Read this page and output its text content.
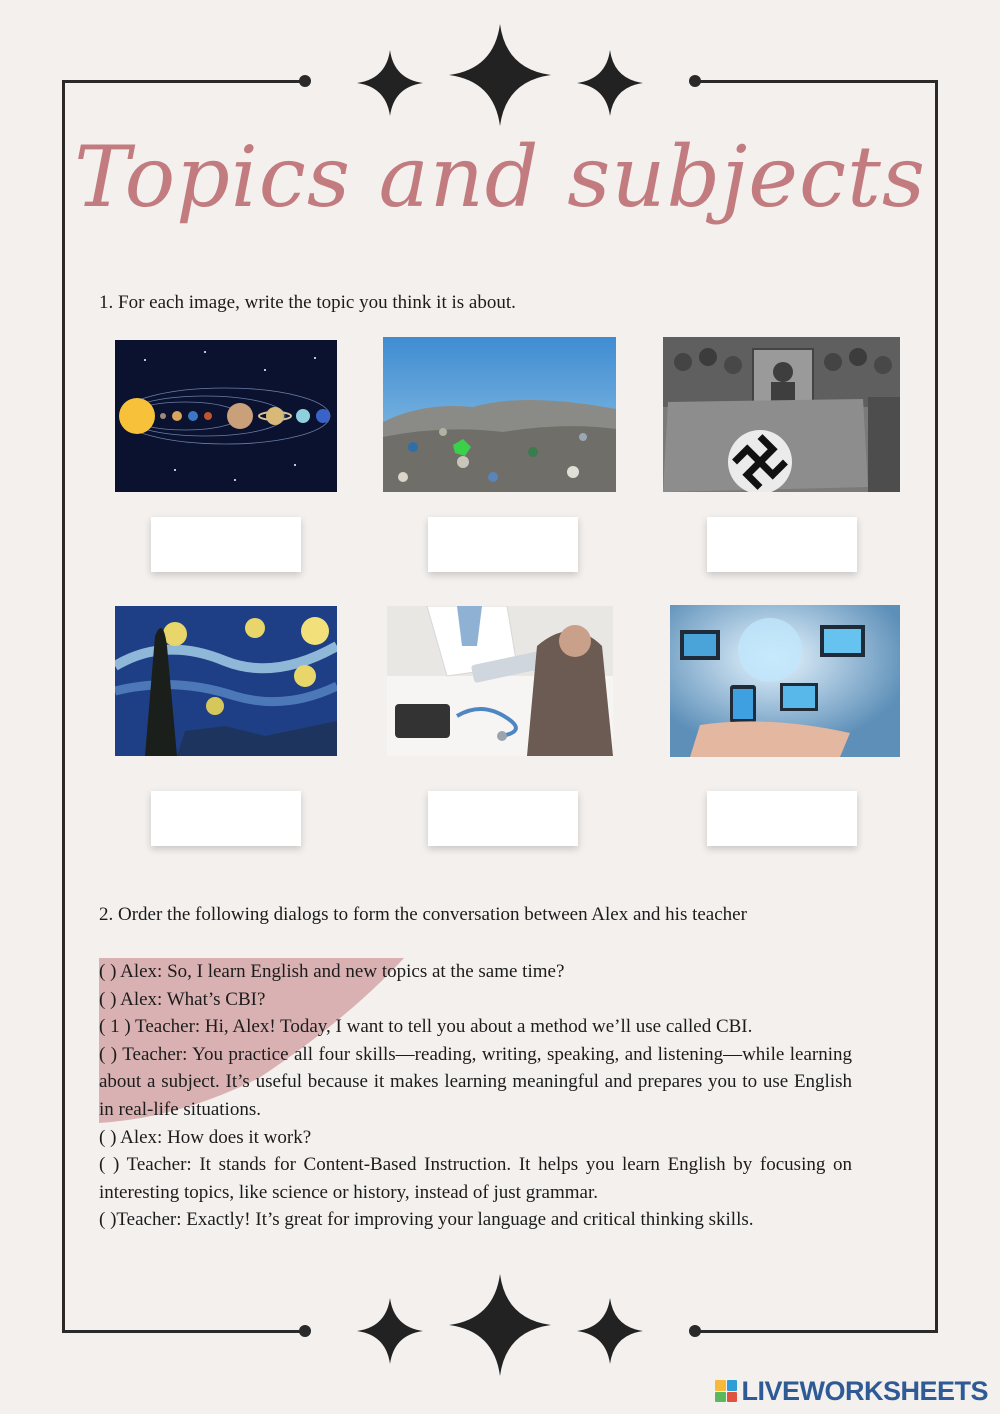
Topics and subjects
1. For each image, write the topic you think it is about.
2. Order the following dialogs to form the conversation between Alex and his teacher

( ) Alex: So, I learn English and new topics at the same time?

( ) Alex: What’s CBI?

( 1 ) Teacher: Hi, Alex! Today, I want to tell you about a method we’ll use called CBI.

( ) Teacher: You practice all four skills—reading, writing, speaking, and listening—while learning about a subject. It’s useful because it makes learning meaningful and prepares you to use English in real-life situations.

( ) Alex: How does it work?

( ) Teacher: It stands for Content-Based Instruction. It helps you learn English by focusing on interesting topics, like science or history, instead of just grammar.

( )Teacher: Exactly! It’s great for improving your language and critical thinking skills.

LIVEWORKSHEETS
